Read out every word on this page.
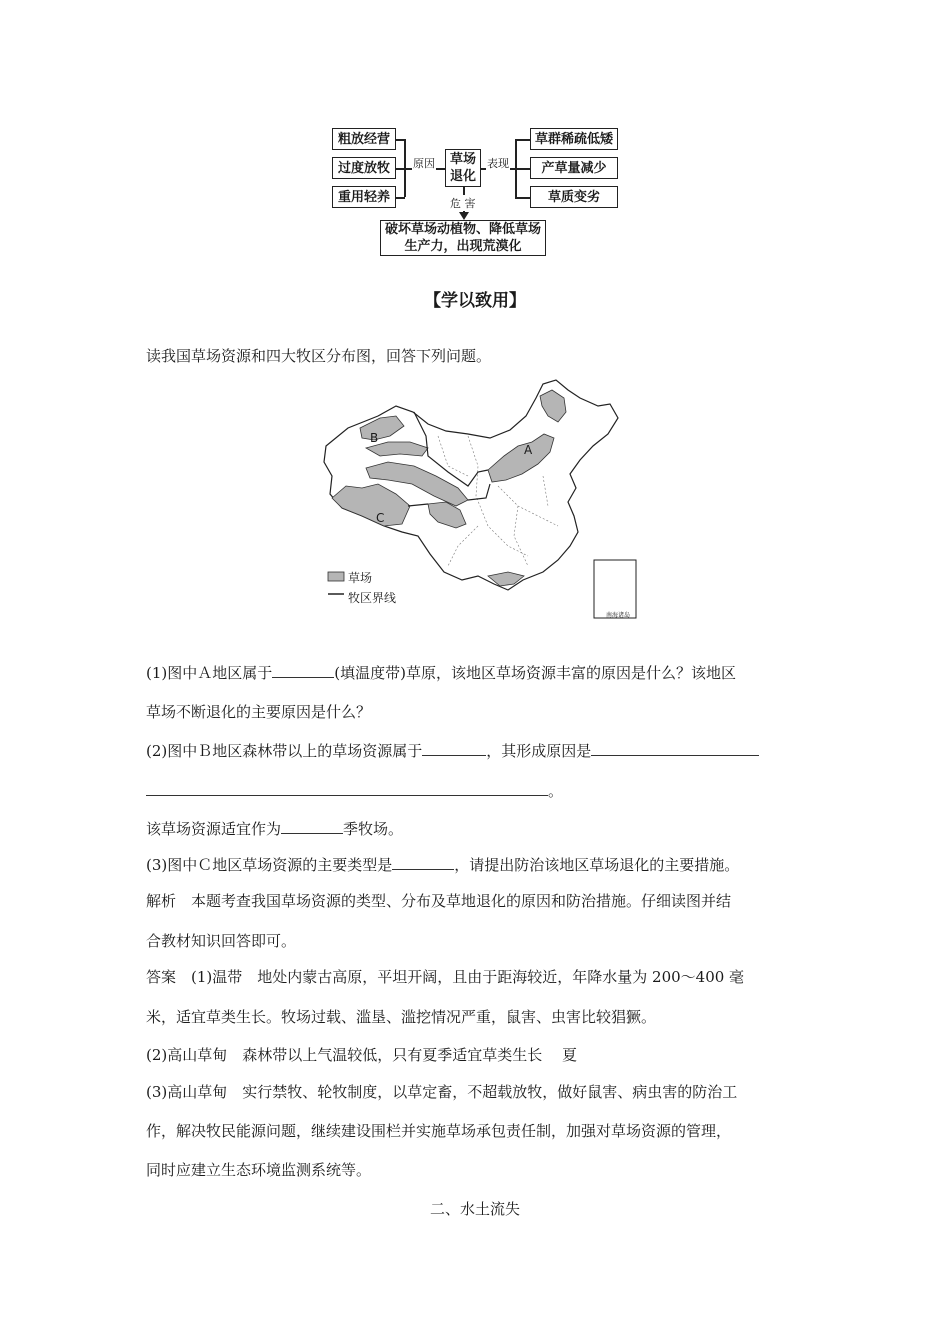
粗放经营
过度放牧
重用轻养
原因 草场
退化
表现
草群稀疏低矮
产草量减少
草质变劣
危 害
破坏草场动植物、降低草场
生产力，出现荒漠化
【学以致用】
读我国草场资源和四大牧区分布图，回答下列问题。
A
B
C
草场
牧区界线
南海诸岛
(1)图中Ａ地区属于	(填温度带)草原，该地区草场资源丰富的原因是什么？该地区
草场不断退化的主要原因是什么？
(2)图中Ｂ地区森林带以上的草场资源属于	，其形成原因是
。
该草场资源适宜作为	季牧场。
(3)图中Ｃ地区草场资源的主要类型是	，请提出防治该地区草场退化的主要措施。
解析　本题考查我国草场资源的类型、分布及草地退化的原因和防治措施。仔细读图并结
合教材知识回答即可。
答案　(1)温带　地处内蒙古高原，平坦开阔，且由于距海较近，年降水量为 200～400 毫
米，适宜草类生长。牧场过载、滥垦、滥挖情况严重，鼠害、虫害比较猖獗。
(2)高山草甸　森林带以上气温较低，只有夏季适宜草类生长　 夏
(3)高山草甸　实行禁牧、轮牧制度，以草定畜，不超载放牧，做好鼠害、病虫害的防治工
作，解决牧民能源问题，继续建设围栏并实施草场承包责任制，加强对草场资源的管理，
同时应建立生态环境监测系统等。
二、水土流失
